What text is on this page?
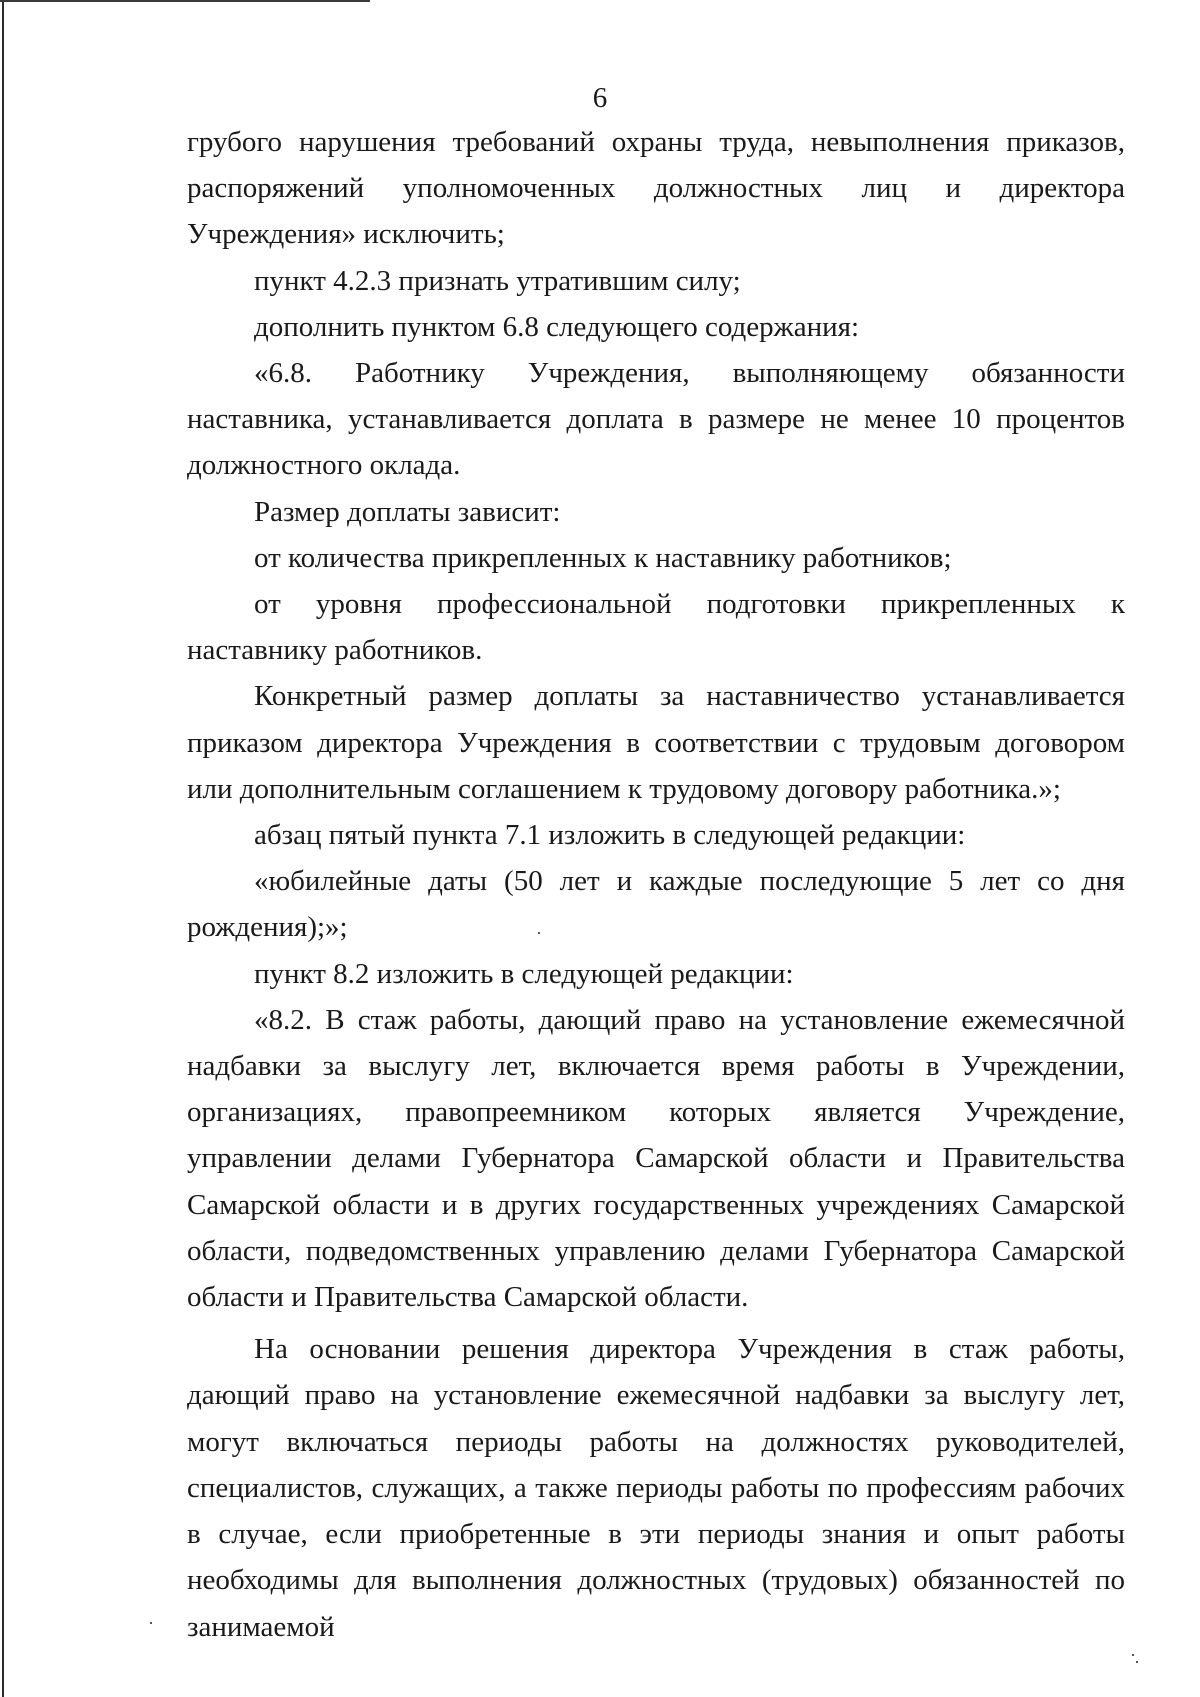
6

грубого нарушения требований охраны труда, невыполнения приказов, распоряжений уполномоченных должностных лиц и директора Учреждения» исключить;

пункт 4.2.3 признать утратившим силу;

дополнить пунктом 6.8 следующего содержания:

«6.8. Работнику Учреждения, выполняющему обязанности наставника, устанавливается доплата в размере не менее 10 процентов должностного оклада.

Размер доплаты зависит:

от количества прикрепленных к наставнику работников;

от уровня профессиональной подготовки прикрепленных к наставнику работников.

Конкретный размер доплаты за наставничество устанавливается приказом директора Учреждения в соответствии с трудовым договором или дополнительным соглашением к трудовому договору работника.»;

абзац пятый пункта 7.1 изложить в следующей редакции:

«юбилейные даты (50 лет и каждые последующие 5 лет со дня рождения);»;

пункт 8.2 изложить в следующей редакции:

«8.2. В стаж работы, дающий право на установление ежемесячной надбавки за выслугу лет, включается время работы в Учреждении, организациях, правопреемником которых является Учреждение, управлении делами Губернатора Самарской области и Правительства Самарской области и в других государственных учреждениях Самарской области, подведомственных управлению делами Губернатора Самарской области и Правительства Самарской области.

На основании решения директора Учреждения в стаж работы, дающий право на установление ежемесячной надбавки за выслугу лет, могут включаться периоды работы на должностях руководителей, специалистов, служащих, а также периоды работы по профессиям рабочих в случае, если приобретенные в эти периоды знания и опыт работы необходимы для выполнения должностных (трудовых) обязанностей по занимаемой
